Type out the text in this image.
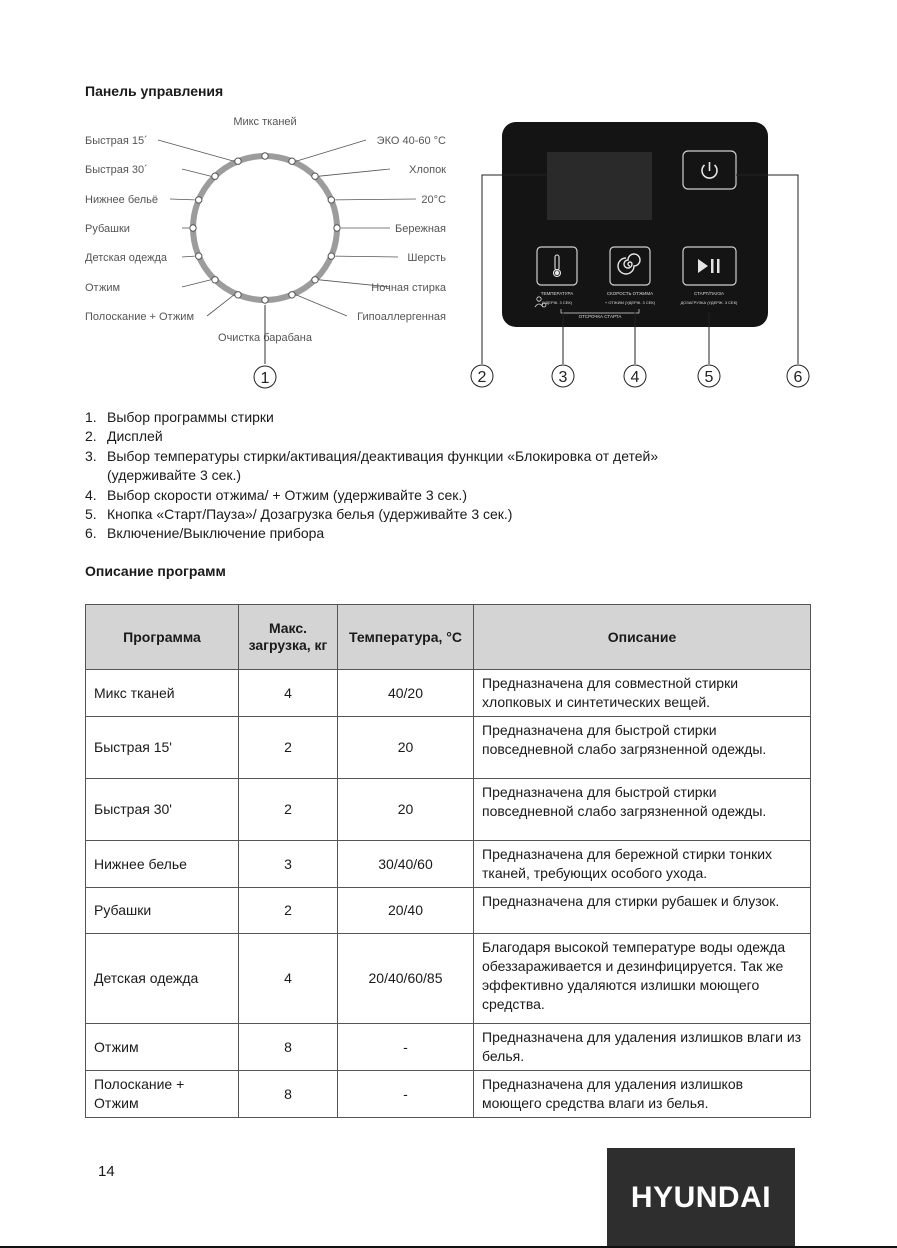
Панель управления
Микс тканей
Очистка барабана
Быстрая 15´
Быстрая 30´
Нижнее бельё
Рубашки
Детская одежда
Отжим
Полоскание + Отжим
ЭКО 40-60 °C
Хлопок
20°C
Бережная
Шерсть
Ночная стирка
Гипоаллергенная
1
ТЕМПЕРАТУРА
(УДЕРЖ. 3 СЕК)
СКОРОСТЬ ОТЖИМА
+ ОТЖИМ (УДЕРЖ. 3 СЕК)
СТАРТ/ПАУЗА
ДОЗАГРУЗКА (УДЕРЖ. 3 СЕК)
ОТСРОЧКА СТАРТА
2	3	4	5	6
1. Выбор программы стирки
2. Дисплей
3. Выбор температуры стирки/активация/деактивация функции «Блокировка от детей» (удерживайте 3 сек.)
4. Выбор скорости отжима/ + Отжим (удерживайте 3 сек.)
5. Кнопка «Старт/Пауза»/ Дозагрузка белья (удерживайте 3 сек.)
6. Включение/Выключение прибора
Описание программ
Программа	Макс. загрузка, кг	Температура, °C	Описание
Микс тканей	4	40/20	Предназначена для совместной стирки хлопковых и синтетических вещей.
Быстрая 15'	2	20	Предназначена для быстрой стирки повседневной слабо загрязненной одежды.
Быстрая 30'	2	20	Предназначена для быстрой стирки повседневной слабо загрязненной одежды.
Нижнее белье	3	30/40/60	Предназначена для бережной стирки тонких тканей, требующих особого ухода.
Рубашки	2	20/40	Предназначена для стирки рубашек и блузок.
Детская одежда	4	20/40/60/85	Благодаря высокой температуре воды одежда обеззараживается и дезинфицируется. Так же эффективно удаляются излишки моющего средства.
Отжим	8	-	Предназначена для удаления излишков влаги из белья.
Полоскание + Отжим	8	-	Предназначена для удаления излишков моющего средства влаги из белья.
14
HYUNDAI
